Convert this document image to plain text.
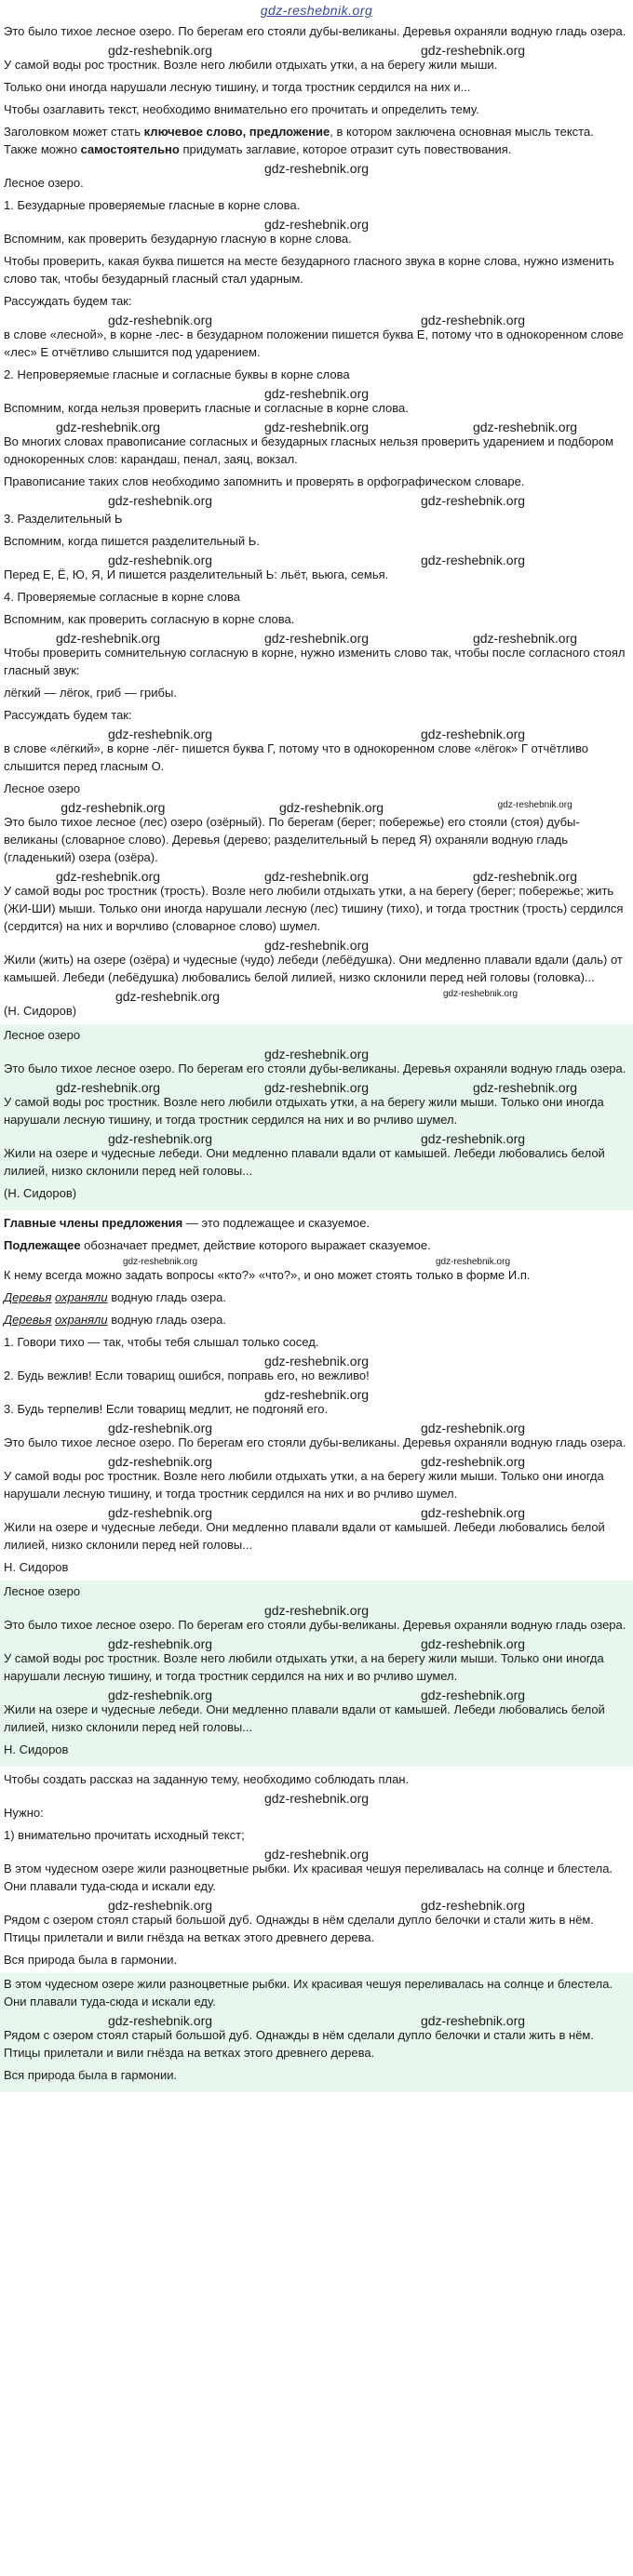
gdz-reshebnik.org

Это было тихое лесное озеро. По берегам его стояли дубы-великаны. Деревья охраняли водную гладь озера.

gdz-reshebnik.org	gdz-reshebnik.org

У самой воды рос тростник. Возле него любили отдыхать утки, а на берегу жили мыши.

Только они иногда нарушали лесную тишину, и тогда тростник сердился на них и...

Чтобы озаглавить текст, необходимо внимательно его прочитать и определить тему.

Заголовком может стать ключевое слово, предложение, в котором заключена основная мысль текста. Также можно самостоятельно придумать заглавие, которое отразит суть повествования.

gdz-reshebnik.org

Лесное озеро.

1. Безударные проверяемые гласные в корне слова.

gdz-reshebnik.org

Вспомним, как проверить безударную гласную в корне слова.

Чтобы проверить, какая буква пишется на месте безударного гласного звука в корне слова, нужно изменить слово так, чтобы безударный гласный стал ударным.

Рассуждать будем так:

gdz-reshebnik.org	gdz-reshebnik.org

в слове «лесной», в корне -лес- в безударном положении пишется буква Е, потому что в однокоренном слове «лес» Е отчётливо слышится под ударением.

2. Непроверяемые гласные и согласные буквы в корне слова

gdz-reshebnik.org

Вспомним, когда нельзя проверить гласные и согласные в корне слова.

gdz-reshebnik.org	gdz-reshebnik.org	gdz-reshebnik.org

Во многих словах правописание согласных и безударных гласных нельзя проверить ударением и подбором однокоренных слов: карандаш, пенал, заяц, вокзал.

Правописание таких слов необходимо запомнить и проверять в орфографическом словаре.

gdz-reshebnik.org	gdz-reshebnik.org

3. Разделительный Ь

Вспомним, когда пишется разделительный Ь.

gdz-reshebnik.org	gdz-reshebnik.org

Перед Е, Ё, Ю, Я, И пишется разделительный Ь: льёт, вьюга, семья.

4. Проверяемые согласные в корне слова

Вспомним, как проверить согласную в корне слова.

gdz-reshebnik.org	gdz-reshebnik.org	gdz-reshebnik.org

Чтобы проверить сомнительную согласную в корне, нужно изменить слово так, чтобы после согласного стоял гласный звук:

лёгкий — лёгок, гриб — грибы.

Рассуждать будем так:

gdz-reshebnik.org	gdz-reshebnik.org

в слове «лёгкий», в корне -лёг- пишется буква Г, потому что в однокоренном слове «лёгок» Г отчётливо слышится перед гласным О.

Лесное озеро

gdz-reshebnik.org	gdz-reshebnik.org	gdz-reshebnik.org

Это было тихое лесное (лес) озеро (озёрный). По берегам (берег; побережье) его стояли (стоя) дубы-великаны (словарное слово). Деревья (дерево; разделительный Ь перед Я) охраняли водную гладь (гладенький) озера (озёра).

gdz-reshebnik.org	gdz-reshebnik.org	gdz-reshebnik.org

У самой воды рос тростник (трость). Возле него любили отдыхать утки, а на берегу (берег; побережье; жить (ЖИ-ШИ) мыши. Только они иногда нарушали лесную (лес) тишину (тихо), и тогда тростник (трость) сердился (сердится) на них и ворчливо (словарное слово) шумел.

gdz-reshebnik.org

Жили (жить) на озере (озёра) и чудесные (чудо) лебеди (лебёдушка). Они медленно плавали вдали (даль) от камышей. Лебеди (лебёдушка) любовались белой лилией, низко склонили перед ней головы (головка)...

gdz-reshebnik.org	gdz-reshebnik.org

(Н. Сидоров)

Лесное озеро

gdz-reshebnik.org

Это было тихое лесное озеро. По берегам его стояли дубы-великаны. Деревья охраняли водную гладь озера.

gdz-reshebnik.org	gdz-reshebnik.org	gdz-reshebnik.org

У самой воды рос тростник. Возле него любили отдыхать утки, а на берегу жили мыши. Только они иногда нарушали лесную тишину, и тогда тростник сердился на них и во рчливо шумел.

gdz-reshebnik.org	gdz-reshebnik.org

Жили на озере и чудесные лебеди. Они медленно плавали вдали от камышей. Лебеди любовались белой лилией, низко склонили перед ней головы...

(Н. Сидоров)

Главные члены предложения — это подлежащее и сказуемое.

Подлежащее обозначает предмет, действие которого выражает сказуемое.

gdz-reshebnik.org	gdz-reshebnik.org

К нему всегда можно задать вопросы «кто?» «что?», и оно может стоять только в форме И.п.

Деревья охраняли водную гладь озера.

Деревья охраняли водную гладь озера.

1. Говори тихо — так, чтобы тебя слышал только сосед.

gdz-reshebnik.org

2. Будь вежлив! Если товарищ ошибся, поправь его, но вежливо!

gdz-reshebnik.org

3. Будь терпелив! Если товарищ медлит, не подгоняй его.

gdz-reshebnik.org	gdz-reshebnik.org

Это было тихое лесное озеро. По берегам его стояли дубы-великаны. Деревья охраняли водную гладь озера.

gdz-reshebnik.org	gdz-reshebnik.org

У самой воды рос тростник. Возле него любили отдыхать утки, а на берегу жили мыши. Только они иногда нарушали лесную тишину, и тогда тростник сердился на них и во рчливо шумел.

gdz-reshebnik.org	gdz-reshebnik.org

Жили на озере и чудесные лебеди. Они медленно плавали вдали от камышей. Лебеди любовались белой лилией, низко склонили перед ней головы...

Н. Сидоров

Лесное озеро

gdz-reshebnik.org

Это было тихое лесное озеро. По берегам его стояли дубы-великаны. Деревья охраняли водную гладь озера.

gdz-reshebnik.org	gdz-reshebnik.org

У самой воды рос тростник. Возле него любили отдыхать утки, а на берегу жили мыши. Только они иногда нарушали лесную тишину, и тогда тростник сердился на них и во рчливо шумел.

gdz-reshebnik.org	gdz-reshebnik.org

Жили на озере и чудесные лебеди. Они медленно плавали вдали от камышей. Лебеди любовались белой лилией, низко склонили перед ней головы...

Н. Сидоров

Чтобы создать рассказ на заданную тему, необходимо соблюдать план.

gdz-reshebnik.org

Нужно:

1) внимательно прочитать исходный текст;

gdz-reshebnik.org

В этом чудесном озере жили разноцветные рыбки. Их красивая чешуя переливалась на солнце и блестела. Они плавали туда-сюда и искали еду.

gdz-reshebnik.org	gdz-reshebnik.org

Рядом с озером стоял старый большой дуб. Однажды в нём сделали дупло белочки и стали жить в нём. Птицы прилетали и вили гнёзда на ветках этого древнего дерева.

Вся природа была в гармонии.

В этом чудесном озере жили разноцветные рыбки. Их красивая чешуя переливалась на солнце и блестела. Они плавали туда-сюда и искали еду.

gdz-reshebnik.org	gdz-reshebnik.org

Рядом с озером стоял старый большой дуб. Однажды в нём сделали дупло белочки и стали жить в нём. Птицы прилетали и вили гнёзда на ветках этого древнего дерева.

Вся природа была в гармонии.
